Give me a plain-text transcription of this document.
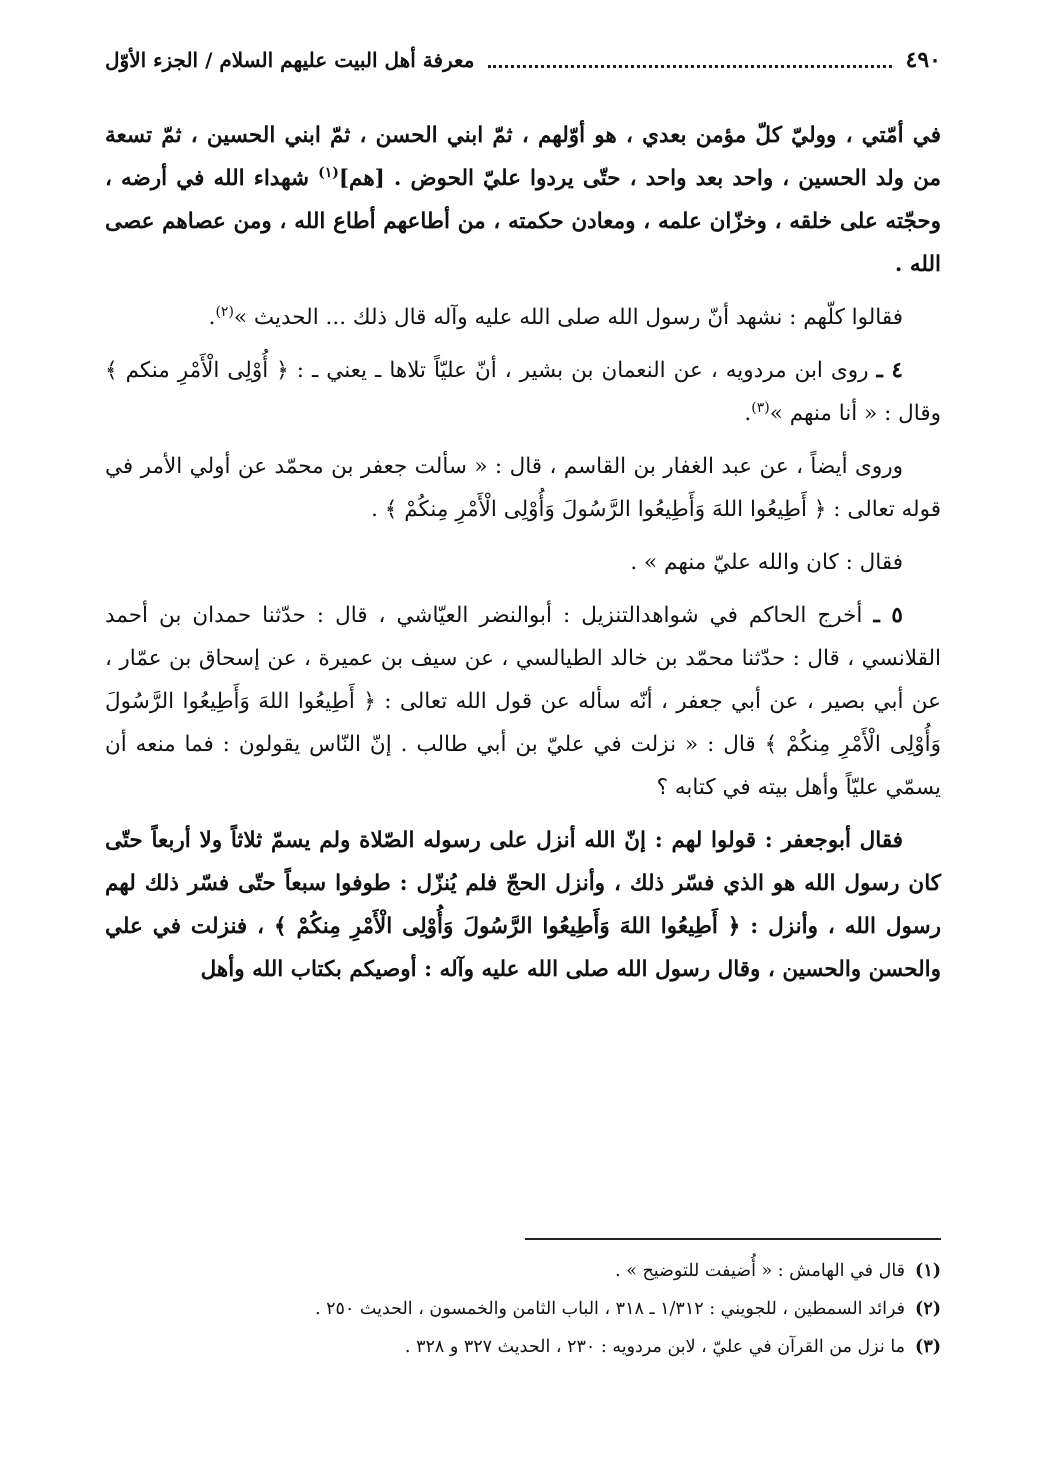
٤٩٠
معرفة أهل البيت عليهم السلام / الجزء الأوّل

في أمّتي ، ووليّ كلّ مؤمن بعدي ، هو أوّلهم ، ثمّ ابني الحسن ، ثمّ ابني الحسين ، ثمّ تسعة من ولد الحسين ، واحد بعد واحد ، حتّى يردوا عليّ الحوض . [هم]$^{(١)}$ شهداء الله في أرضه ، وحجّته على خلقه ، وخزّان علمه ، ومعادن حكمته ، من أطاعهم أطاع الله ، ومن عصاهم عصى الله .

فقالوا كلّهم : نشهد أنّ رسول الله صلى الله عليه وآله قال ذلك ... الحديث »$^{(٢)}$.

٤ ـ روى ابن مردويه ، عن النعمان بن بشير ، أنّ عليّاً تلاها ـ يعني ـ : ﴿ أُوْلِى الْأَمْرِ منكم ﴾ وقال : « أنا منهم »$^{(٣)}$.

وروى أيضاً ، عن عبد الغفار بن القاسم ، قال : « سألت جعفر بن محمّد عن أولي الأمر في قوله تعالى : ﴿ أَطِيعُوا اللهَ وَأَطِيعُوا الرَّسُولَ وَأُوْلِى الْأَمْرِ مِنكُمْ ﴾ .

فقال : كان والله عليّ منهم » .

٥ ـ أخرج الحاكم في شواهدالتنزيل : أبوالنضر العيّاشي ، قال : حدّثنا حمدان بن أحمد القلانسي ، قال : حدّثنا محمّد بن خالد الطيالسي ، عن سيف بن عميرة ، عن إسحاق بن عمّار ، عن أبي بصير ، عن أبي جعفر ، أنّه سأله عن قول الله تعالى : ﴿ أَطِيعُوا اللهَ وَأَطِيعُوا الرَّسُولَ وَأُوْلِى الْأَمْرِ مِنكُمْ ﴾ قال : « نزلت في عليّ بن أبي طالب . إنّ النّاس يقولون : فما منعه أن يسمّي عليّاً وأهل بيته في كتابه ؟

فقال أبوجعفر : قولوا لهم : إنّ الله أنزل على رسوله الصّلاة ولم يسمّ ثلاثاً ولا أربعاً حتّى كان رسول الله هو الذي فسّر ذلك ، وأنزل الحجّ فلم يُنزّل : طوفوا سبعاً حتّى فسّر ذلك لهم رسول الله ، وأنزل : ﴿ أَطِيعُوا اللهَ وَأَطِيعُوا الرَّسُولَ وَأُوْلِى الْأَمْرِ مِنكُمْ ﴾ ، فنزلت في علي والحسن والحسين ، وقال رسول الله صلى الله عليه وآله : أوصيكم بكتاب الله وأهل

(١)قال في الهامش : « أُضيفت للتوضيح » .
(٢)فرائد السمطين ، للجويني : ١/٣١٢ ـ ٣١٨ ، الباب الثامن والخمسون ، الحديث ٢٥٠ .
(٣)ما نزل من القرآن في عليّ ، لابن مردويه : ٢٣٠ ، الحديث ٣٢٧ و ٣٢٨ .
